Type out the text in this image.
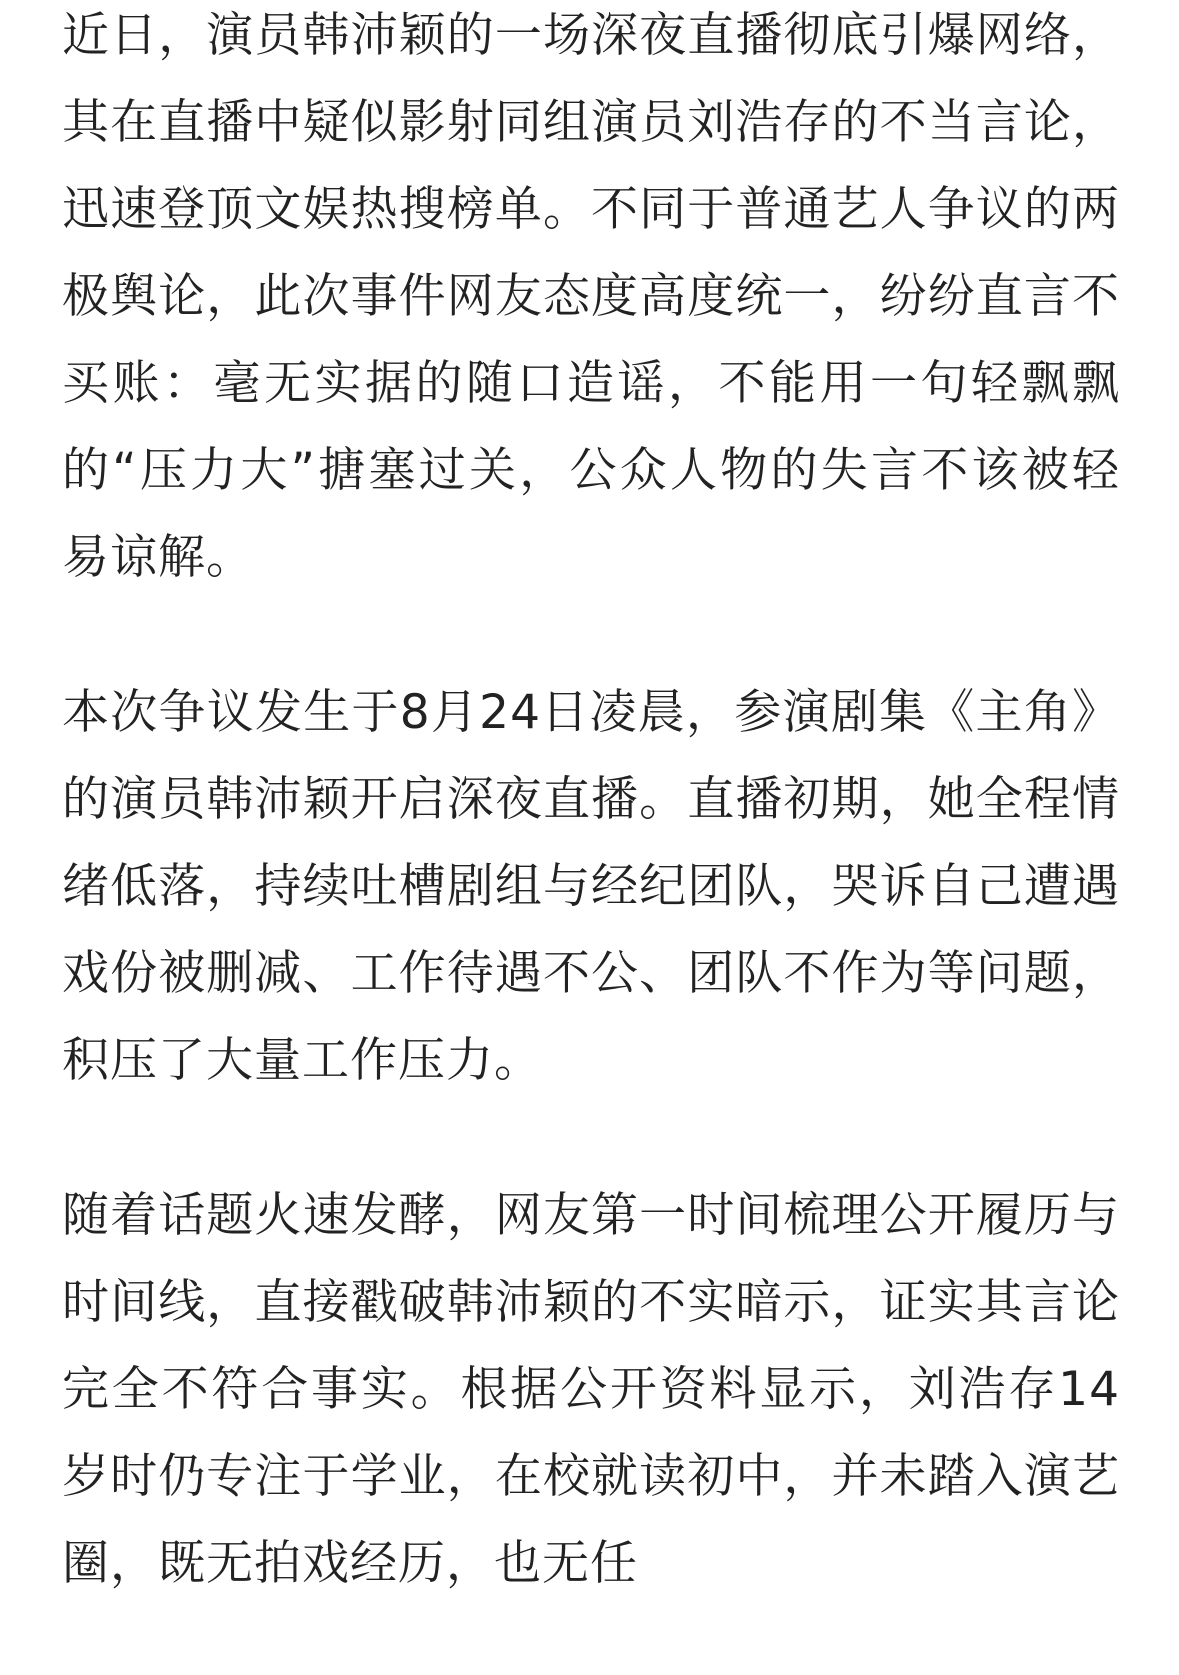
近日，演员韩沛颖的一场深夜直播彻底引爆网络，其在直播中疑似影射同组演员刘浩存的不当言论，迅速登顶文娱热搜榜单。不同于普通艺人争议的两极舆论，此次事件网友态度高度统一，纷纷直言不买账：毫无实据的随口造谣，不能用一句轻飘飘的“压力大”搪塞过关，公众人物的失言不该被轻易谅解。

本次争议发生于8月24日凌晨，参演剧集《主角》的演员韩沛颖开启深夜直播。直播初期，她全程情绪低落，持续吐槽剧组与经纪团队，哭诉自己遭遇戏份被删减、工作待遇不公、团队不作为等问题，积压了大量工作压力。

随着话题火速发酵，网友第一时间梳理公开履历与时间线，直接戳破韩沛颖的不实暗示，证实其言论完全不符合事实。根据公开资料显示，刘浩存14岁时仍专注于学业，在校就读初中，并未踏入演艺圈，既无拍戏经历，也无任
